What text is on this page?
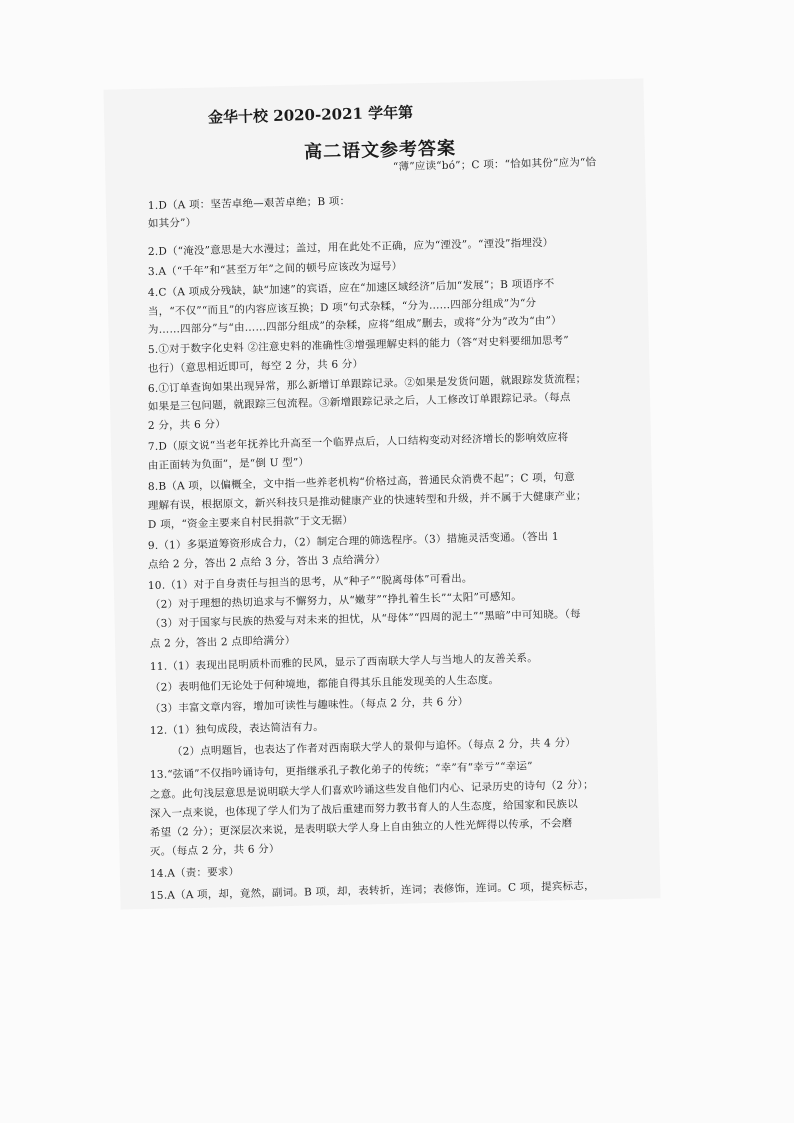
金华十校 2020-2021 学年第
高二语文参考答案
“薄”应读“bó”；C 项：“恰如其份”应为“恰
1.D（A 项：坚苦卓绝—艰苦卓绝；B 项：
如其分”）
2.D（“淹没”意思是大水漫过；盖过，用在此处不正确，应为“湮没”。“湮没”指埋没）
3.A（“千年”和“甚至万年”之间的顿号应该改为逗号）
4.C（A 项成分残缺，缺“加速”的宾语，应在“加速区域经济”后加“发展”；B 项语序不
当，“不仅”“而且”的内容应该互换；D 项“句式杂糅，“分为……四部分组成”为“分
为……四部分”与“由……四部分组成”的杂糅，应将“组成”删去，或将“分为”改为“由”）
5.①对于数字化史料 ②注意史料的准确性③增强理解史料的能力（答“对史料要细加思考”
也行）（意思相近即可，每空 2 分，共 6 分）
6.①订单查询如果出现异常，那么新增订单跟踪记录。②如果是发货问题，就跟踪发货流程；
如果是三包问题，就跟踪三包流程。③新增跟踪记录之后，人工修改订单跟踪记录。（每点
2 分，共 6 分）
7.D（原文说“当老年抚养比升高至一个临界点后，人口结构变动对经济增长的影响效应将
由正面转为负面”，是“倒 U 型”）
8.B（A 项，以偏概全，文中指一些养老机构“价格过高，普通民众消费不起”；C 项，句意
理解有误，根据原文，新兴科技只是推动健康产业的快速转型和升级，并不属于大健康产业；
D 项，“资金主要来自村民捐款”于文无据）
9.（1）多渠道筹资形成合力，（2）制定合理的筛选程序。（3）措施灵活变通。（答出 1
点给 2 分，答出 2 点给 3 分，答出 3 点给满分）
10.（1）对于自身责任与担当的思考，从“种子”“脱离母体”可看出。
（2）对于理想的热切追求与不懈努力，从“嫩芽”“挣扎着生长”“太阳”可感知。
（3）对于国家与民族的热爱与对未来的担忧，从“母体”“四周的泥土”“黑暗”中可知晓。（每
点 2 分，答出 2 点即给满分）
11.（1）表现出昆明质朴而雅的民风，显示了西南联大学人与当地人的友善关系。
（2）表明他们无论处于何种境地，都能自得其乐且能发现美的人生态度。
（3）丰富文章内容，增加可读性与趣味性。（每点 2 分，共 6 分）
12.（1）独句成段，表达简洁有力。
（2）点明题旨，也表达了作者对西南联大学人的景仰与追怀。（每点 2 分，共 4 分）
13.“弦诵”不仅指吟诵诗句，更指继承孔子教化弟子的传统；“幸”有“幸亏”“幸运”
之意。此句浅层意思是说明联大学人们喜欢吟诵这些发自他们内心、记录历史的诗句（2 分）；
深入一点来说，也体现了学人们为了战后重建而努力教书育人的人生态度，给国家和民族以
希望（2 分）；更深层次来说，是表明联大学人身上自由独立的人性光辉得以传承，不会磨
灭。（每点 2 分，共 6 分）
14.A（责：要求）
15.A（A 项，却，竟然，副词。B 项，却，表转折，连词；表修饰，连词。C 项，提宾标志，
